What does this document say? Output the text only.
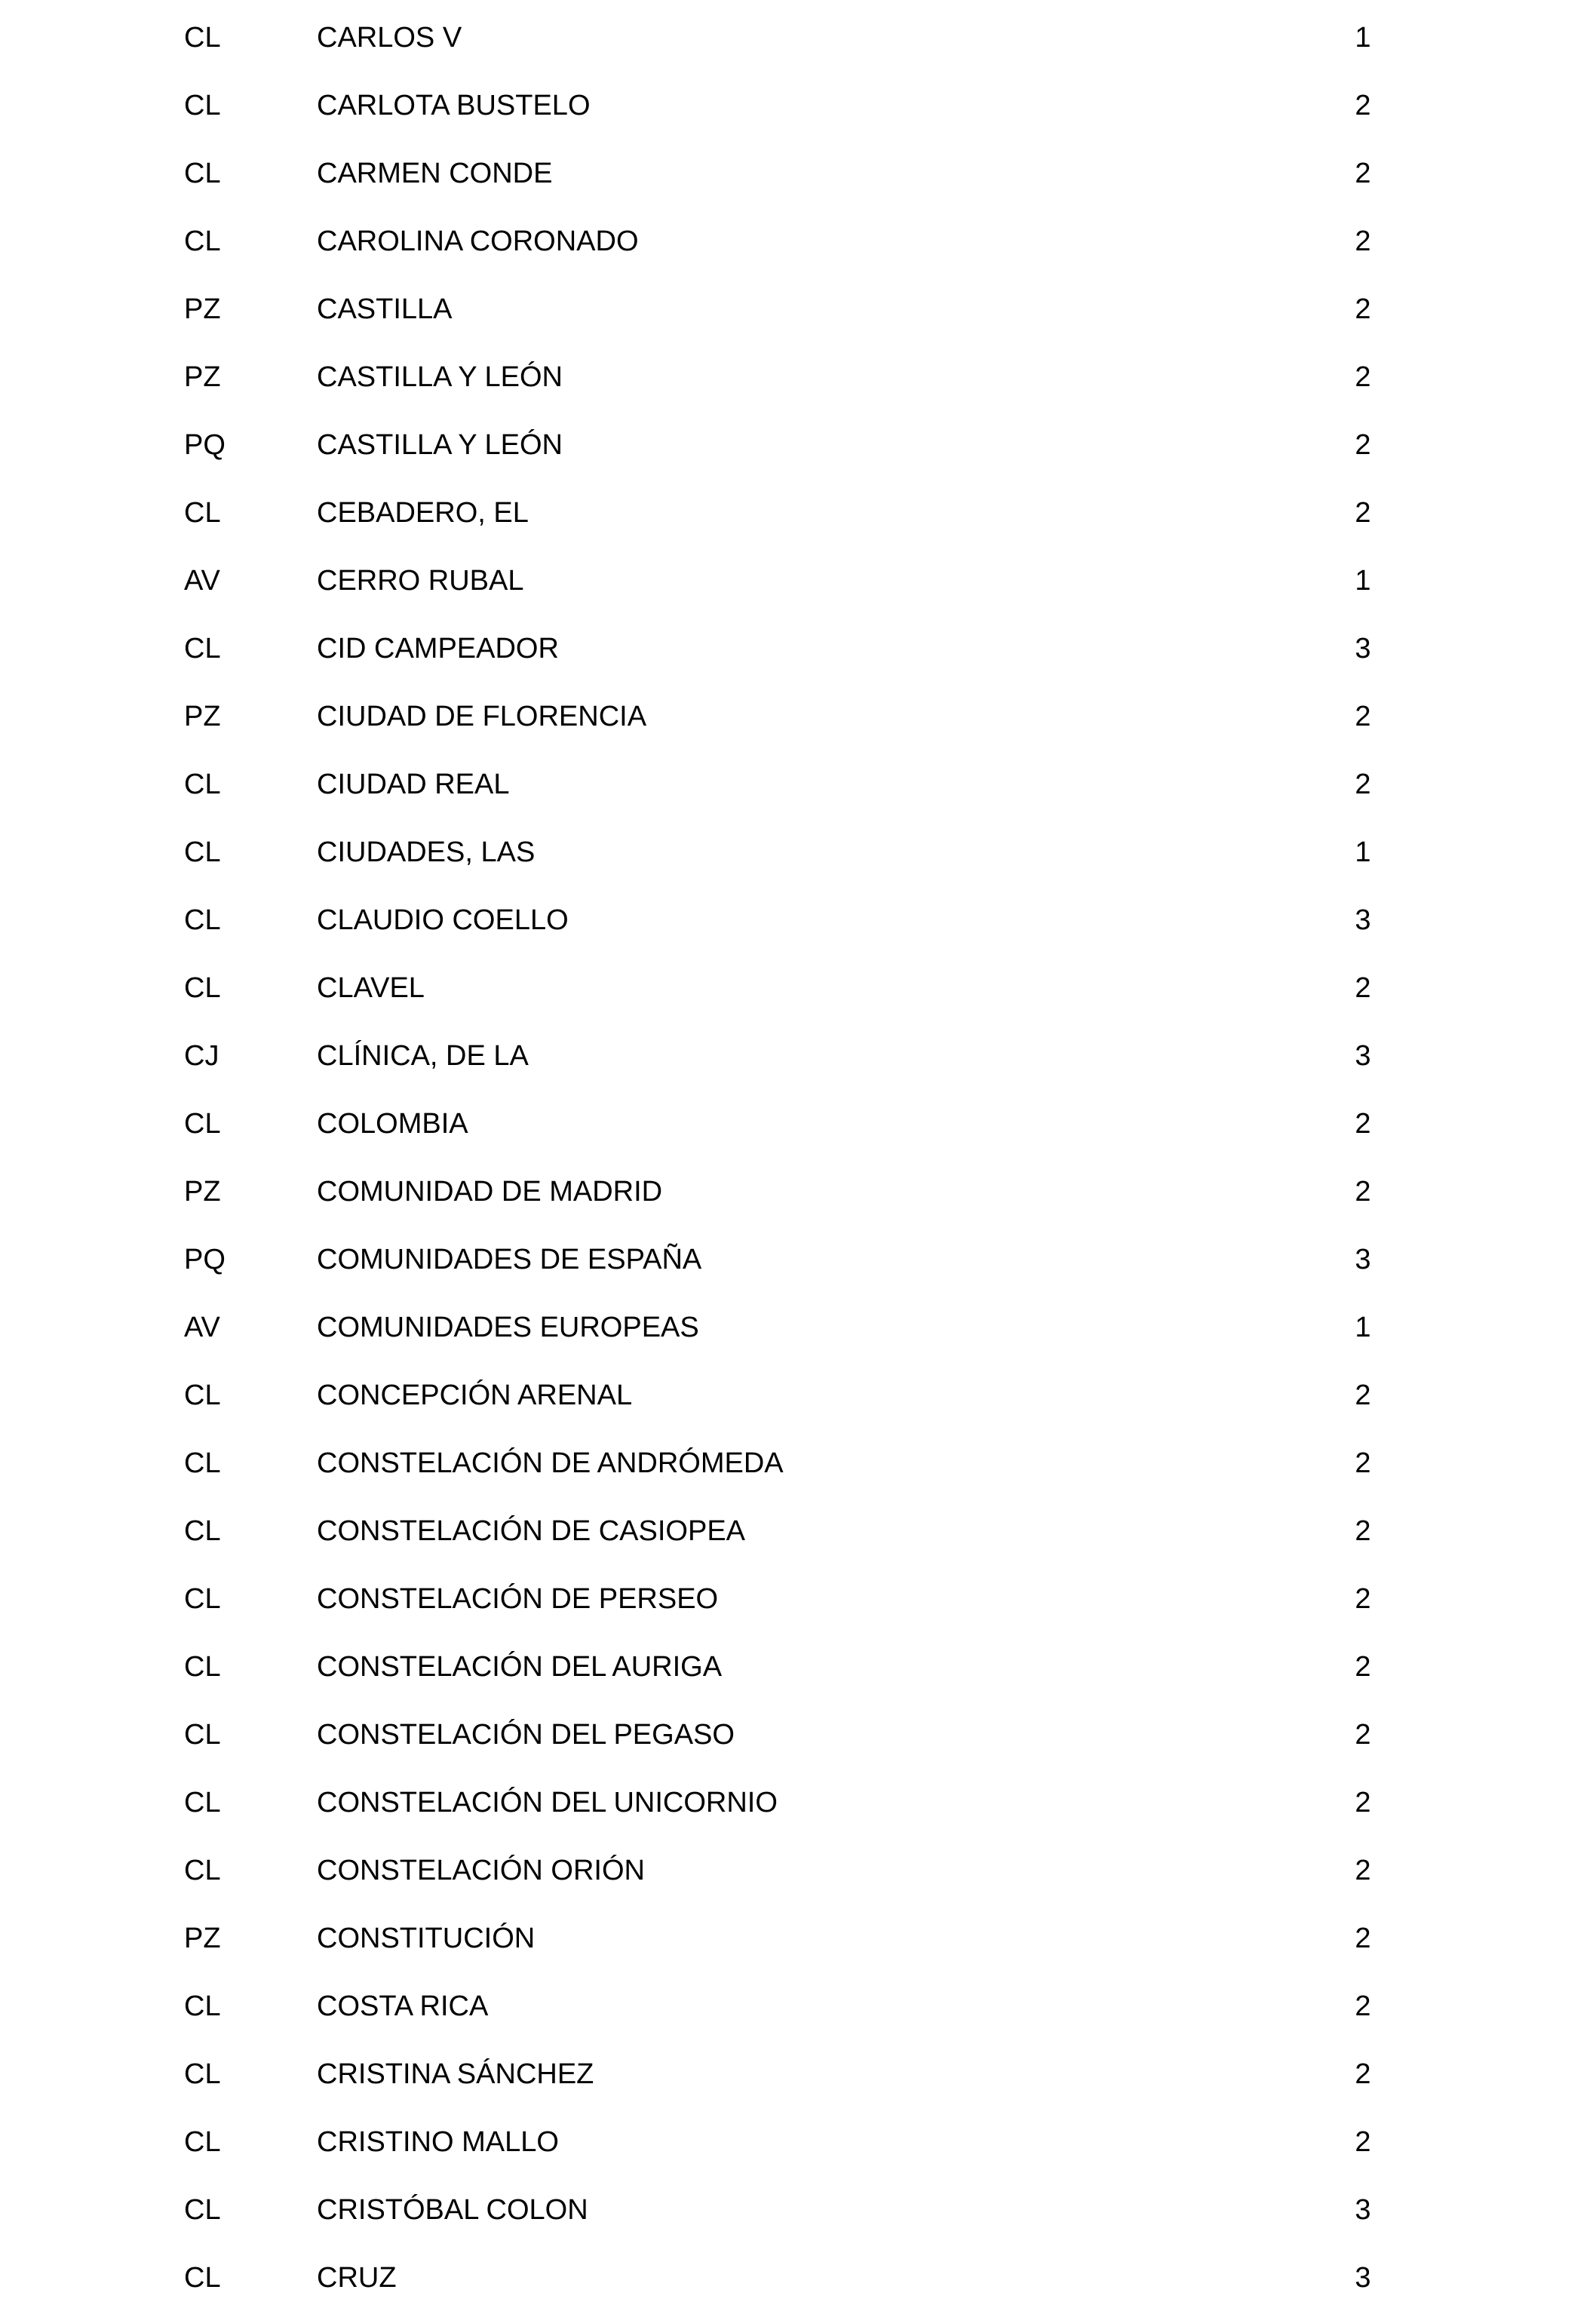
CL	CARLOS V	1
CL	CARLOTA BUSTELO	2
CL	CARMEN CONDE	2
CL	CAROLINA CORONADO	2
PZ	CASTILLA	2
PZ	CASTILLA Y LEÓN	2
PQ	CASTILLA Y LEÓN	2
CL	CEBADERO, EL	2
AV	CERRO RUBAL	1
CL	CID CAMPEADOR	3
PZ	CIUDAD DE FLORENCIA	2
CL	CIUDAD REAL	2
CL	CIUDADES, LAS	1
CL	CLAUDIO COELLO	3
CL	CLAVEL	2
CJ	CLÍNICA, DE LA	3
CL	COLOMBIA	2
PZ	COMUNIDAD DE MADRID	2
PQ	COMUNIDADES DE ESPAÑA	3
AV	COMUNIDADES EUROPEAS	1
CL	CONCEPCIÓN ARENAL	2
CL	CONSTELACIÓN DE ANDRÓMEDA	2
CL	CONSTELACIÓN DE CASIOPEA	2
CL	CONSTELACIÓN DE PERSEO	2
CL	CONSTELACIÓN DEL AURIGA	2
CL	CONSTELACIÓN DEL PEGASO	2
CL	CONSTELACIÓN DEL UNICORNIO	2
CL	CONSTELACIÓN ORIÓN	2
PZ	CONSTITUCIÓN	2
CL	COSTA RICA	2
CL	CRISTINA SÁNCHEZ	2
CL	CRISTINO MALLO	2
CL	CRISTÓBAL COLON	3
CL	CRUZ	3
